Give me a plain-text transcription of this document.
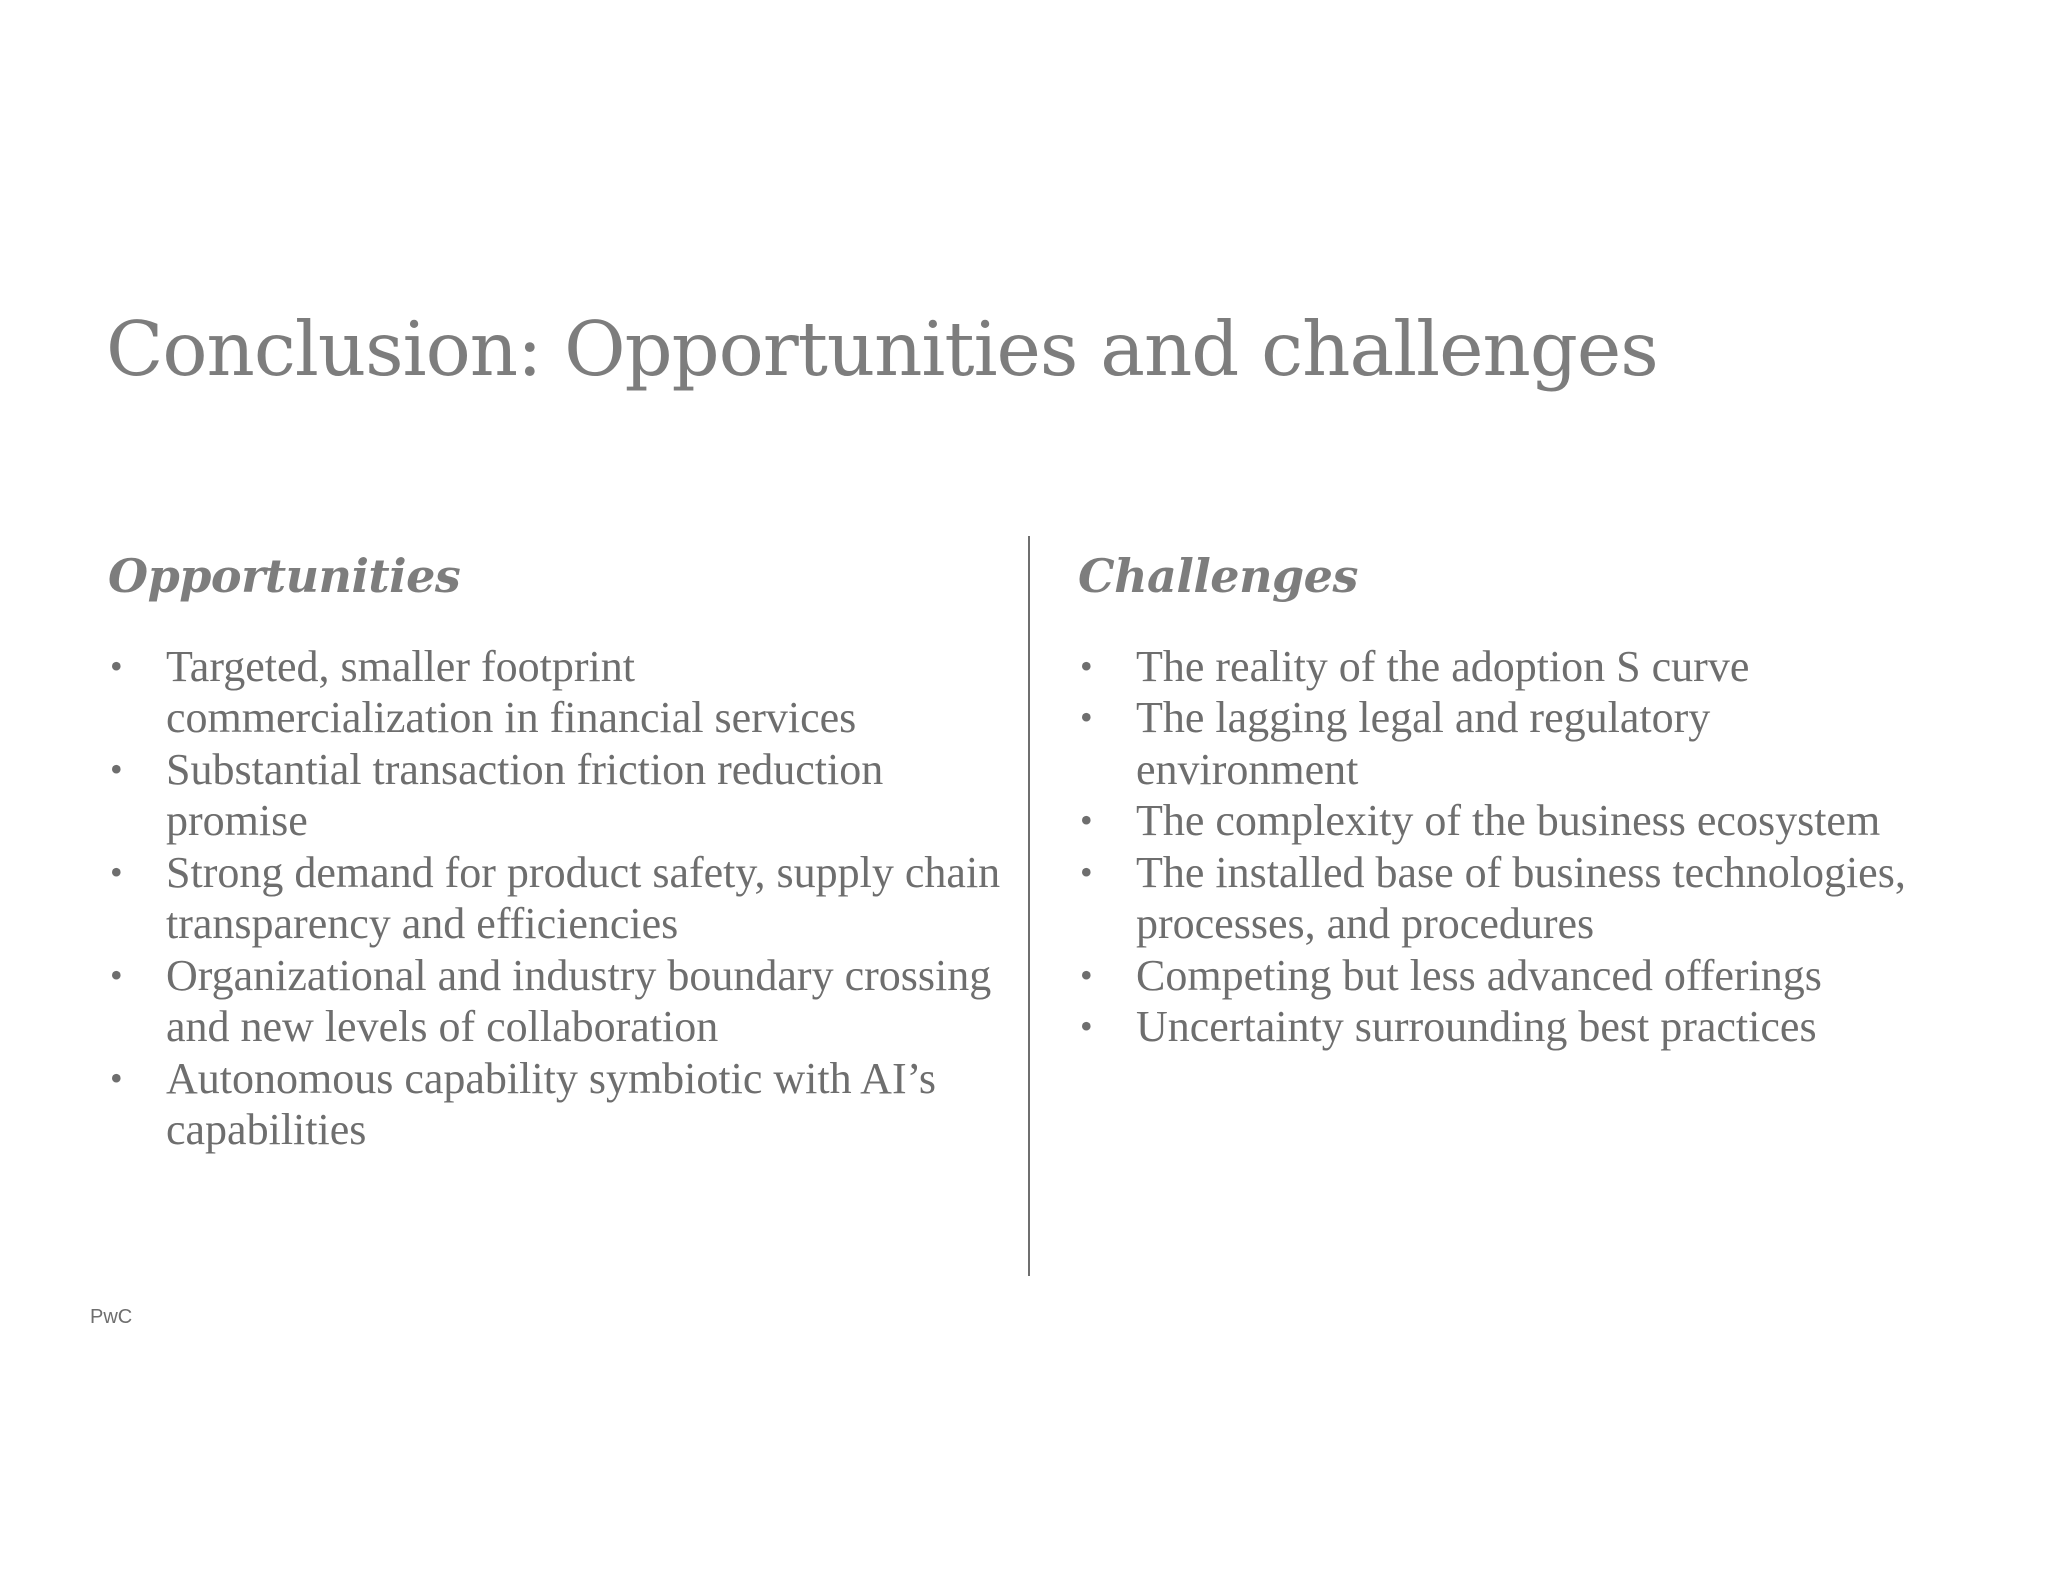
Conclusion: Opportunities and challenges
Opportunities
• Targeted, smaller footprint commercialization in financial services
• Substantial transaction friction reduction promise
• Strong demand for product safety, supply chain transparency and efficiencies
• Organizational and industry boundary crossing and new levels of collaboration
• Autonomous capability symbiotic with AI’s capabilities
Challenges
• The reality of the adoption S curve
• The lagging legal and regulatory environment
• The complexity of the business ecosystem
• The installed base of business technologies, processes, and procedures
• Competing but less advanced offerings
• Uncertainty surrounding best practices
PwC
